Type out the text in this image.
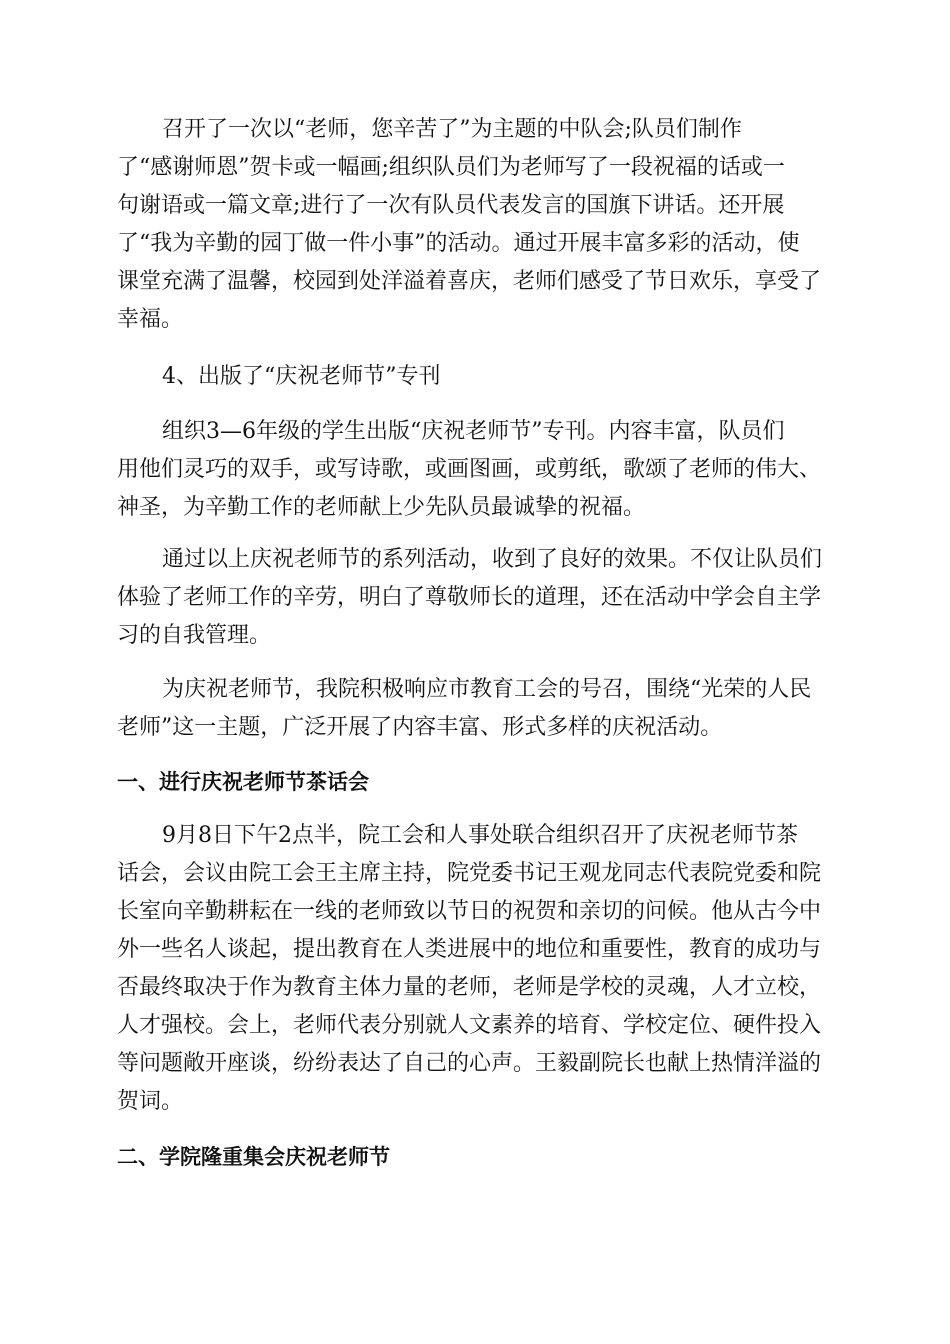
召开了一次以“老师，您辛苦了”为主题的中队会;队员们制作
了“感谢师恩”贺卡或一幅画;组织队员们为老师写了一段祝福的话或一
句谢语或一篇文章;进行了一次有队员代表发言的国旗下讲话。还开展
了“我为辛勤的园丁做一件小事”的活动。通过开展丰富多彩的活动，使
课堂充满了温馨，校园到处洋溢着喜庆，老师们感受了节日欢乐，享受了
幸福。
4、出版了“庆祝老师节”专刊
组织3—6年级的学生出版“庆祝老师节”专刊。内容丰富，队员们
用他们灵巧的双手，或写诗歌，或画图画，或剪纸，歌颂了老师的伟大、
神圣，为辛勤工作的老师献上少先队员最诚挚的祝福。
通过以上庆祝老师节的系列活动，收到了良好的效果。不仅让队员们
体验了老师工作的辛劳，明白了尊敬师长的道理，还在活动中学会自主学
习的自我管理。
为庆祝老师节，我院积极响应市教育工会的号召，围绕“光荣的人民
老师”这一主题，广泛开展了内容丰富、形式多样的庆祝活动。
一、进行庆祝老师节茶话会
9月8日下午2点半，院工会和人事处联合组织召开了庆祝老师节茶
话会，会议由院工会王主席主持，院党委书记王观龙同志代表院党委和院
长室向辛勤耕耘在一线的老师致以节日的祝贺和亲切的问候。他从古今中
外一些名人谈起，提出教育在人类进展中的地位和重要性，教育的成功与
否最终取决于作为教育主体力量的老师，老师是学校的灵魂，人才立校，
人才强校。会上，老师代表分别就人文素养的培育、学校定位、硬件投入
等问题敞开座谈，纷纷表达了自己的心声。王毅副院长也献上热情洋溢的
贺词。
二、学院隆重集会庆祝老师节
